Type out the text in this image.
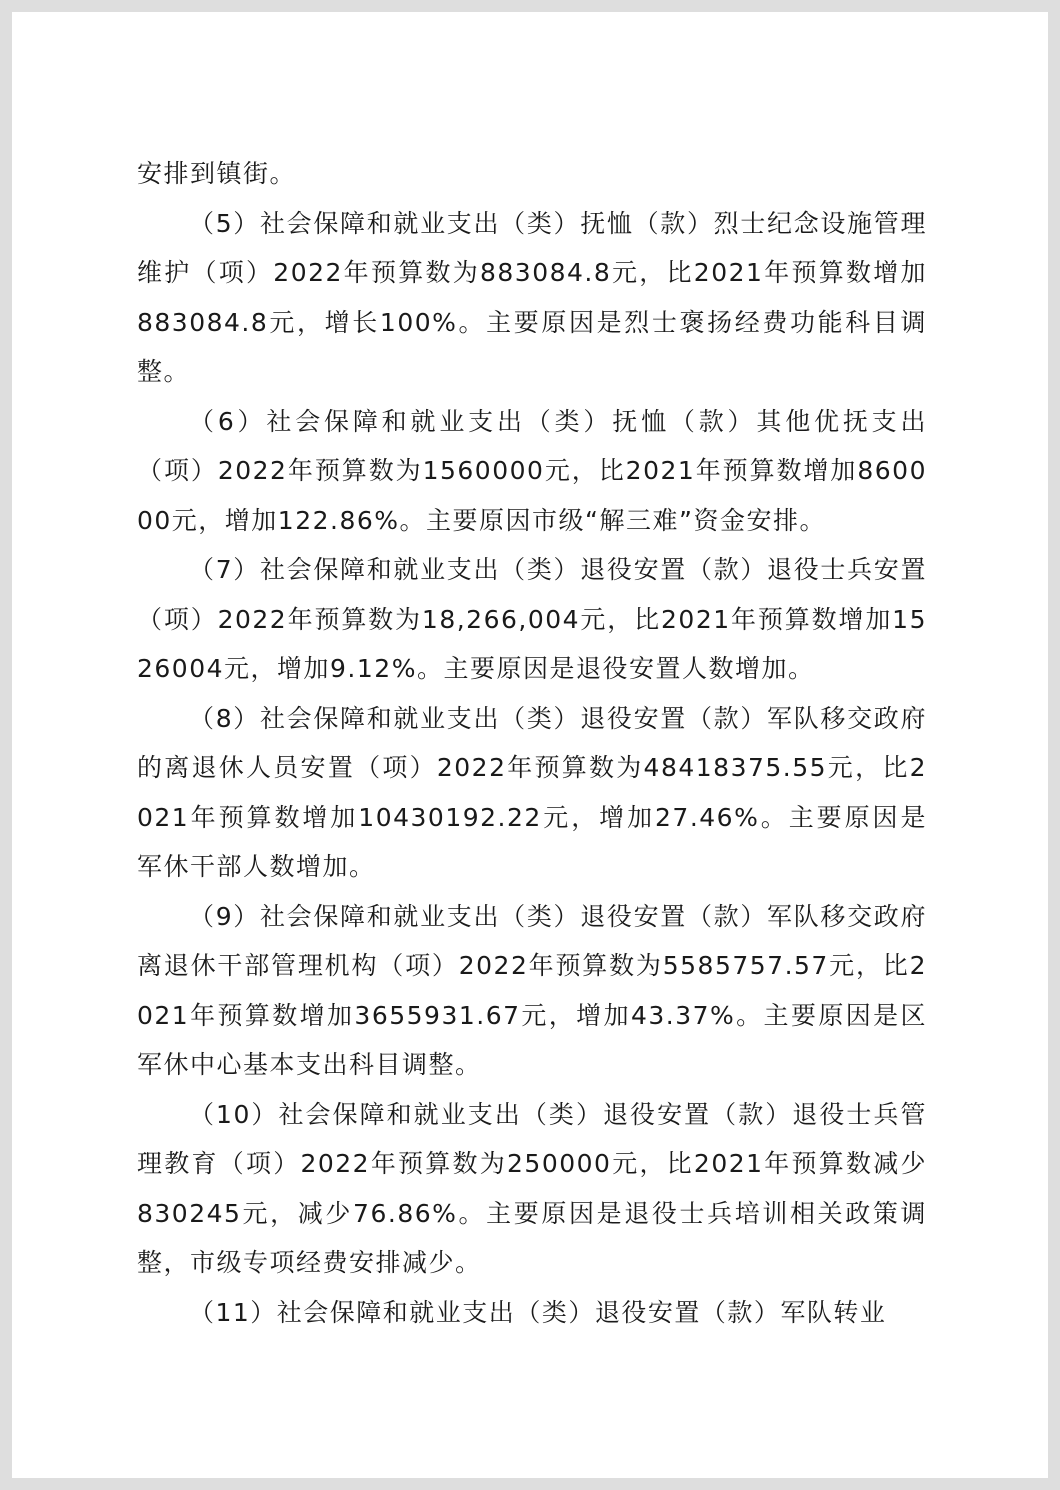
安排到镇街。

（5）社会保障和就业支出（类）抚恤（款）烈士纪念设施管理维护（项）2022年预算数为883084.8元，比2021年预算数增加883084.8元，增长100%。主要原因是烈士褒扬经费功能科目调整。

（6）社会保障和就业支出（类）抚恤（款）其他优抚支出（项）2022年预算数为1560000元，比2021年预算数增加860000元，增加122.86%。主要原因市级“解三难”资金安排。

（7）社会保障和就业支出（类）退役安置（款）退役士兵安置（项）2022年预算数为18,266,004元，比2021年预算数增加1526004元，增加9.12%。主要原因是退役安置人数增加。

（8）社会保障和就业支出（类）退役安置（款）军队移交政府的离退休人员安置（项）2022年预算数为48418375.55元，比2021年预算数增加10430192.22元，增加27.46%。主要原因是军休干部人数增加。

（9）社会保障和就业支出（类）退役安置（款）军队移交政府离退休干部管理机构（项）2022年预算数为5585757.57元，比2021年预算数增加3655931.67元，增加43.37%。主要原因是区军休中心基本支出科目调整。

（10）社会保障和就业支出（类）退役安置（款）退役士兵管理教育（项）2022年预算数为250000元，比2021年预算数减少830245元，减少76.86%。主要原因是退役士兵培训相关政策调整，市级专项经费安排减少。

（11）社会保障和就业支出（类）退役安置（款）军队转业
